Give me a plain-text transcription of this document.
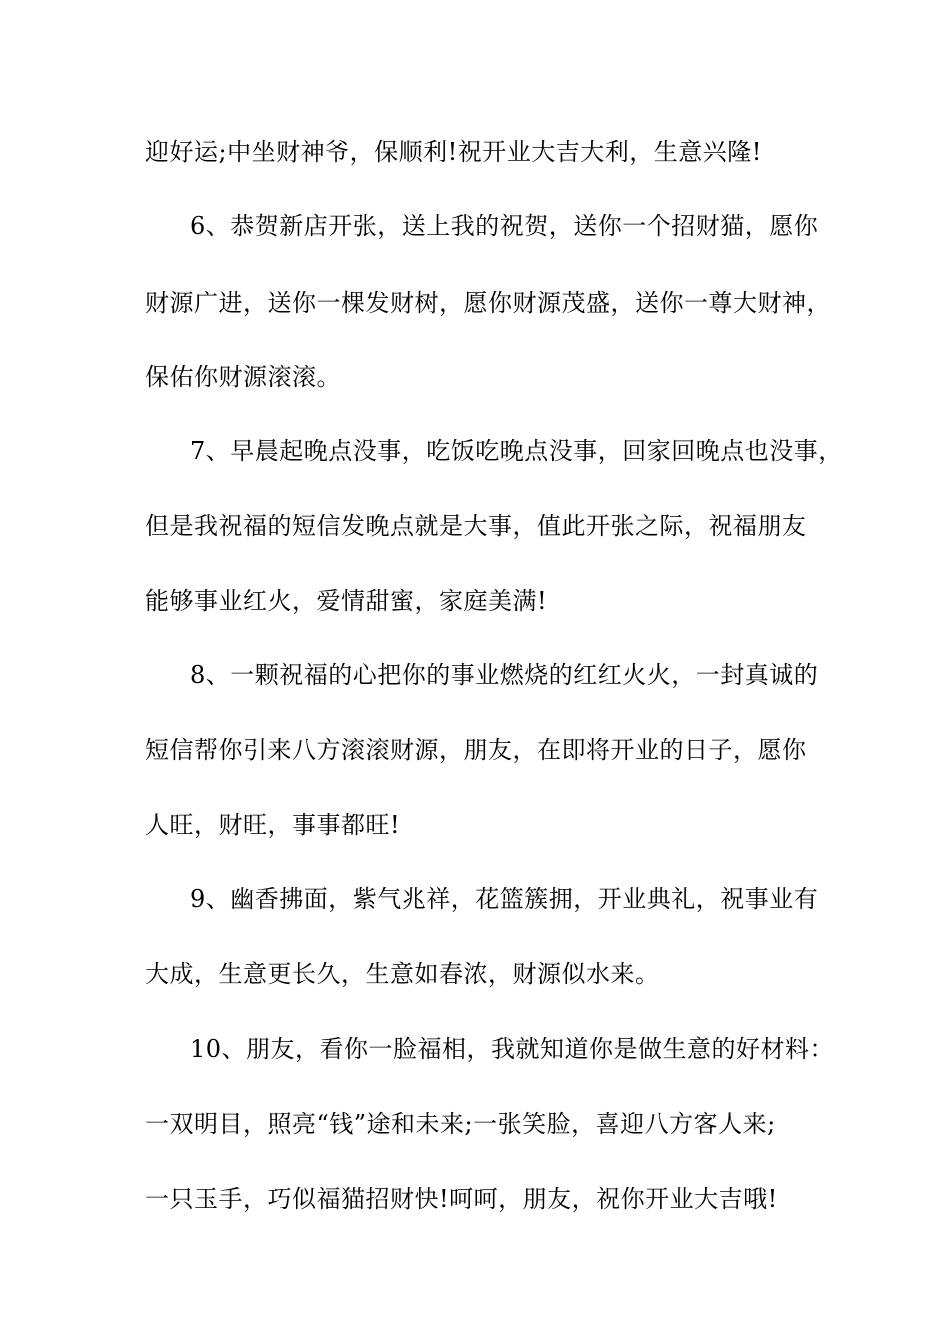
迎好运;中坐财神爷，保顺利!祝开业大吉大利，生意兴隆!
6、恭贺新店开张，送上我的祝贺，送你一个招财猫，愿你
财源广进，送你一棵发财树，愿你财源茂盛，送你一尊大财神，
保佑你财源滚滚。
7、早晨起晚点没事，吃饭吃晚点没事，回家回晚点也没事，
但是我祝福的短信发晚点就是大事，值此开张之际，祝福朋友
能够事业红火，爱情甜蜜，家庭美满!
8、一颗祝福的心把你的事业燃烧的红红火火，一封真诚的
短信帮你引来八方滚滚财源，朋友，在即将开业的日子，愿你
人旺，财旺，事事都旺!
9、幽香拂面，紫气兆祥，花篮簇拥，开业典礼，祝事业有
大成，生意更长久，生意如春浓，财源似水来。
10、朋友，看你一脸福相，我就知道你是做生意的好材料：
一双明目，照亮“钱”途和未来;一张笑脸，喜迎八方客人来;
一只玉手，巧似福猫招财快!呵呵，朋友，祝你开业大吉哦!
